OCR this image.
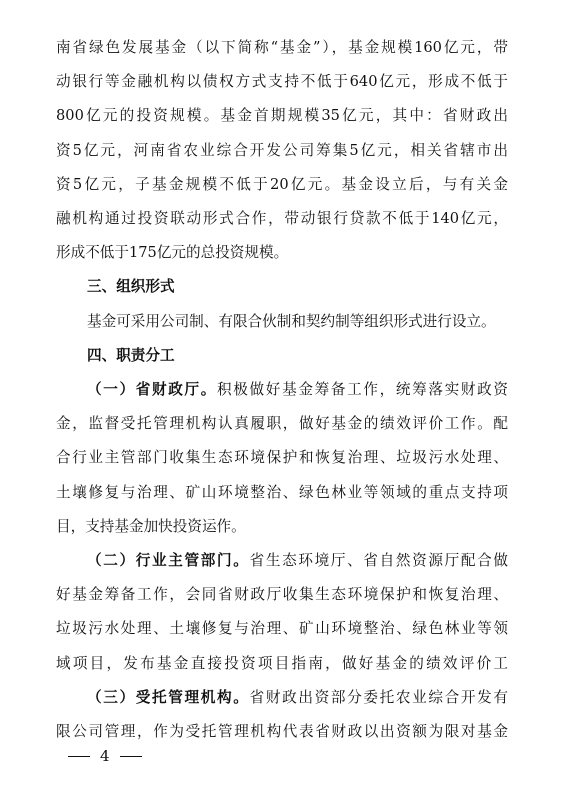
南省绿色发展基金（以下简称“基金”），基金规模160亿元，带
动银行等金融机构以债权方式支持不低于640亿元，形成不低于
800亿元的投资规模。基金首期规模35亿元，其中：省财政出
资5亿元，河南省农业综合开发公司筹集5亿元，相关省辖市出
资5亿元，子基金规模不低于20亿元。基金设立后，与有关金
融机构通过投资联动形式合作，带动银行贷款不低于140亿元，
形成不低于175亿元的总投资规模。
三、组织形式
基金可采用公司制、有限合伙制和契约制等组织形式进行设立。
四、职责分工
（一）省财政厅。积极做好基金筹备工作，统筹落实财政资
金，监督受托管理机构认真履职，做好基金的绩效评价工作。配
合行业主管部门收集生态环境保护和恢复治理、垃圾污水处理、
土壤修复与治理、矿山环境整治、绿色林业等领域的重点支持项
目，支持基金加快投资运作。
（二）行业主管部门。省生态环境厅、省自然资源厅配合做
好基金筹备工作，会同省财政厅收集生态环境保护和恢复治理、
垃圾污水处理、土壤修复与治理、矿山环境整治、绿色林业等领
域项目，发布基金直接投资项目指南，做好基金的绩效评价工
（三）受托管理机构。省财政出资部分委托农业综合开发有
限公司管理，作为受托管理机构代表省财政以出资额为限对基金
4
